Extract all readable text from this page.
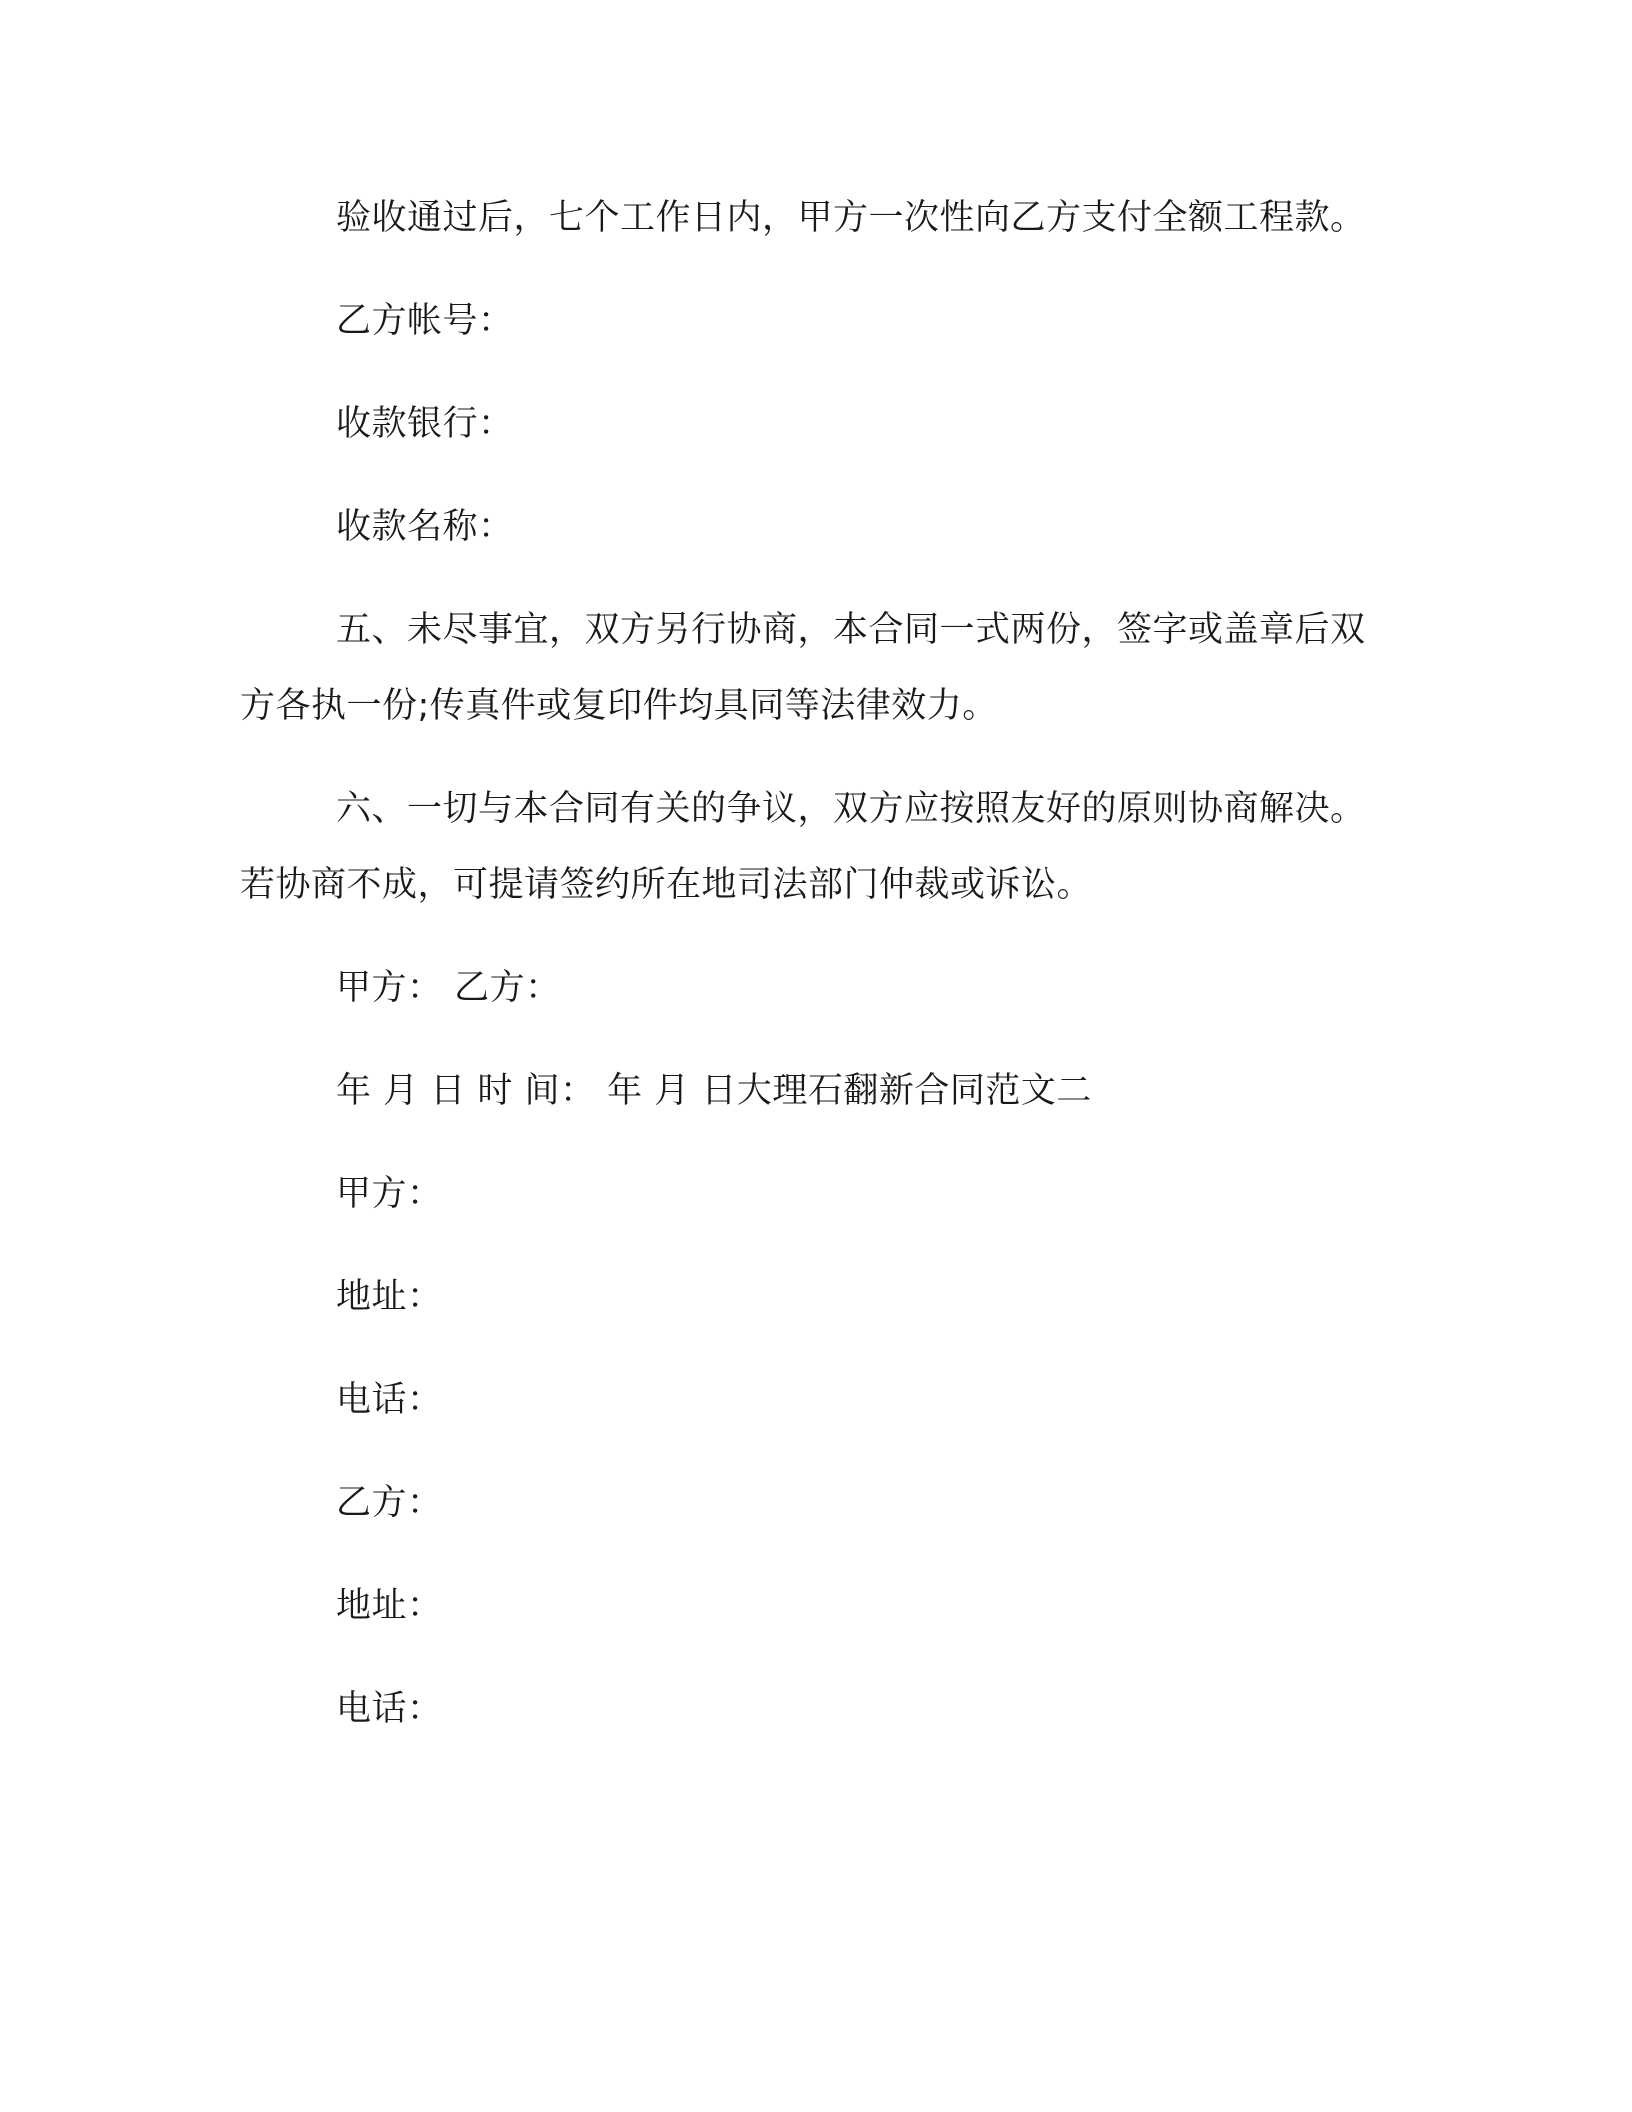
验收通过后，七个工作日内，甲方一次性向乙方支付全额工程款。

乙方帐号：

收款银行：

收款名称：

五、未尽事宜，双方另行协商，本合同一式两份，签字或盖章后双方各执一份;传真件或复印件均具同等法律效力。

六、一切与本合同有关的争议，双方应按照友好的原则协商解决。若协商不成，可提请签约所在地司法部门仲裁或诉讼。

甲方： 乙方：

年 月 日 时 间： 年 月 日大理石翻新合同范文二

甲方：

地址：

电话：

乙方：

地址：

电话：
